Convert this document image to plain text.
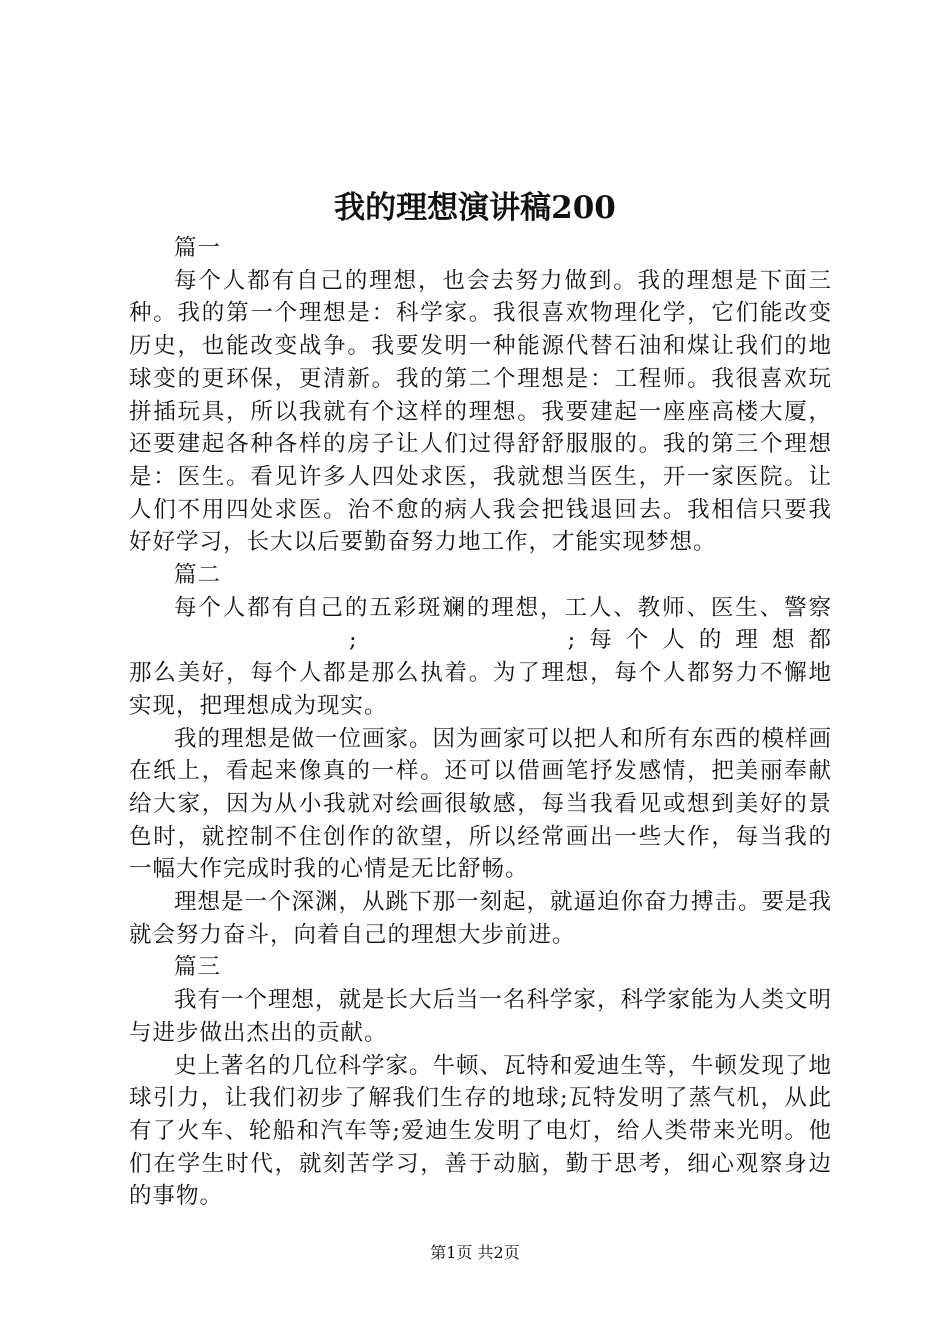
我的理想演讲稿200

篇一

每个人都有自己的理想，也会去努力做到。我的理想是下面三种。我的第一个理想是：科学家。我很喜欢物理化学，它们能改变历史，也能改变战争。我要发明一种能源代替石油和煤让我们的地球变的更环保，更清新。我的第二个理想是：工程师。我很喜欢玩拼插玩具，所以我就有个这样的理想。我要建起一座座高楼大厦，还要建起各种各样的房子让人们过得舒舒服服的。我的第三个理想是：医生。看见许多人四处求医，我就想当医生，开一家医院。让人们不用四处求医。治不愈的病人我会把钱退回去。我相信只要我好好学习，长大以后要勤奋努力地工作，才能实现梦想。

篇二

每个人都有自己的五彩斑斓的理想，工人、教师、医生、警察;	;每个人的理想都

那么美好，每个人都是那么执着。为了理想，每个人都努力不懈地实现，把理想成为现实。

我的理想是做一位画家。因为画家可以把人和所有东西的模样画在纸上，看起来像真的一样。还可以借画笔抒发感情，把美丽奉献给大家，因为从小我就对绘画很敏感，每当我看见或想到美好的景色时，就控制不住创作的欲望，所以经常画出一些大作，每当我的一幅大作完成时我的心情是无比舒畅。

理想是一个深渊，从跳下那一刻起，就逼迫你奋力搏击。要是我就会努力奋斗，向着自己的理想大步前进。

篇三

我有一个理想，就是长大后当一名科学家，科学家能为人类文明与进步做出杰出的贡献。

史上著名的几位科学家。牛顿、瓦特和爱迪生等，牛顿发现了地球引力，让我们初步了解我们生存的地球;瓦特发明了蒸气机，从此有了火车、轮船和汽车等;爱迪生发明了电灯，给人类带来光明。他们在学生时代，就刻苦学习，善于动脑，勤于思考，细心观察身边的事物。

第1页 共2页
